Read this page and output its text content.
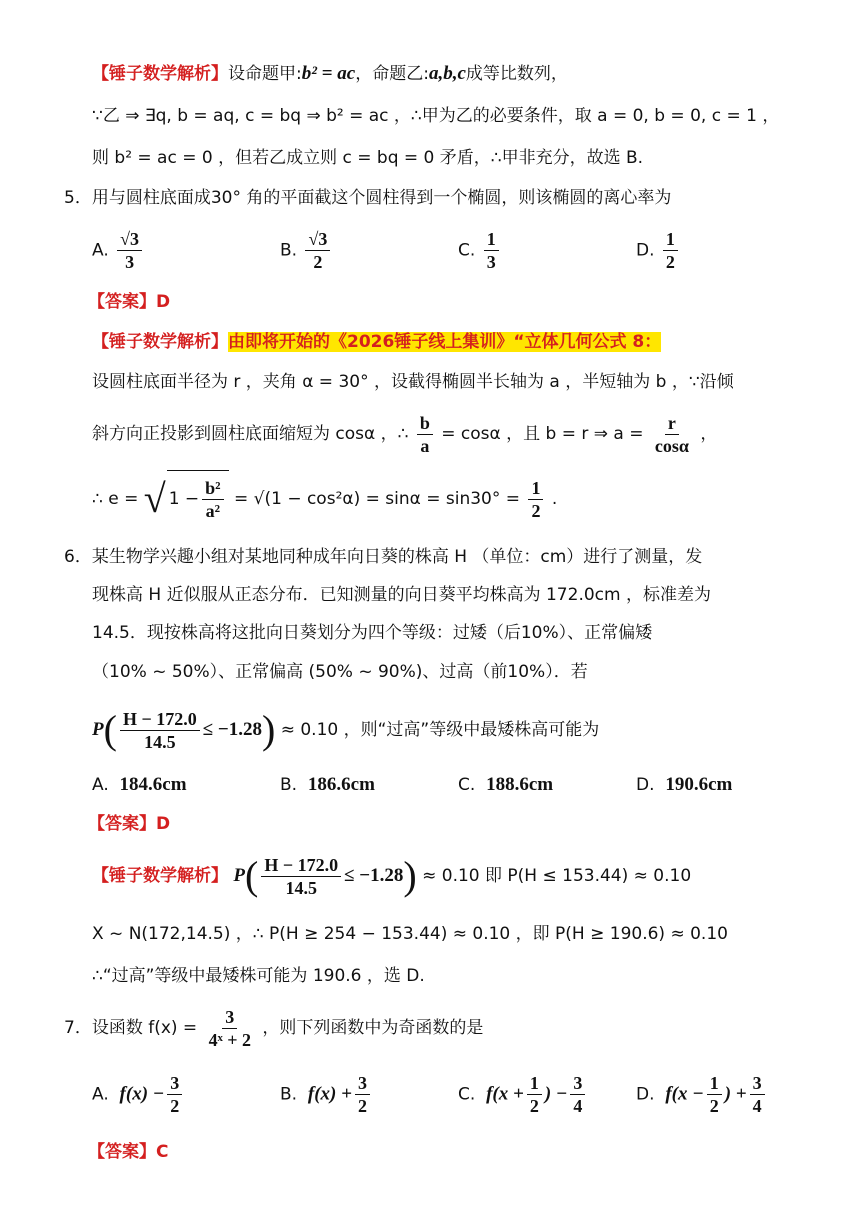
【锤子数学解析】设命题甲:b² = ac，命题乙:a,b,c成等比数列，
∵乙 ⇒ ∃q, b = aq, c = bq ⇒ b² = ac ，∴甲为乙的必要条件，取 a = 0, b = 0, c = 1 ，
则 b² = ac = 0 ，但若乙成立则 c = bq = 0 矛盾，∴甲非充分，故选 B.
5．用与圆柱底面成30° 角的平面截这个圆柱得到一个椭圆，则该椭圆的离心率为
A. $\frac{√3}{3}$	B. $\frac{√3}{2}$	C. $\frac{1}{3}$	D. $\frac{1}{2}$
【答案】D
【锤子数学解析】由即将开始的《2026锤子线上集训》“立体几何公式 8：
设圆柱底面半径为 r ，夹角 α = 30° ，设截得椭圆半长轴为 a ，半短轴为 b ，∵沿倾
斜方向正投影到圆柱底面缩短为 cosα ，∴ $\frac{b}{a} = \cos\alpha$ ，且 b = r ⇒ $a = \frac{r}{\cos\alpha}$ ，
∴ e = √ $1 - \frac{\text{b²}}{\text{a²}} = √(1 - \cos^2\alpha) = \sin\alpha = \sin 30^\circ = \frac{1}{2}$ .
6．某生物学兴趣小组对某地同种成年向日葵的株高 H （单位：cm）进行了测量，发
现株高 H 近似服从正态分布．已知测量的向日葵平均株高为 172.0cm ，标准差为
14.5．现按株高将这批向日葵划分为四个等级：过矮（后10%）、正常偏矮
（10% ~ 50%）、正常偏高 (50% ~ 90%)、过高（前10%）．若
$P( \frac{H - 172.0}{14.5} \le -1.28) \approx 0.10$ ，则“过高”等级中最矮株高可能为
A. 184.6cm	B. 186.6cm	C. 188.6cm	D. 190.6cm
【答案】D
【锤子数学解析】 $P( \frac{H - 172.0}{14.5} \le -1.28) \approx 0.10$ 即 P(H ≤ 153.44) ≈ 0.10
X ~ N(172,14.5) ，∴ P(H ≥ 254 − 153.44) ≈ 0.10 ，即 P(H ≥ 190.6) ≈ 0.10
∴“过高”等级中最矮株可能为 190.6 ，选 D.
7．设函数 $f(x) = \frac{3}{\text{4ˣ + 2}}$ ，则下列函数中为奇函数的是
A. $f(x) - \frac{3}{2}$	B. $f(x) + \frac{3}{2}$	C. $f(x + \frac{1}{2}$ ) − $\frac{3}{4}$	D. $f(x - \frac{1}{2}$ ) + $\frac{3}{4}$
【答案】C
